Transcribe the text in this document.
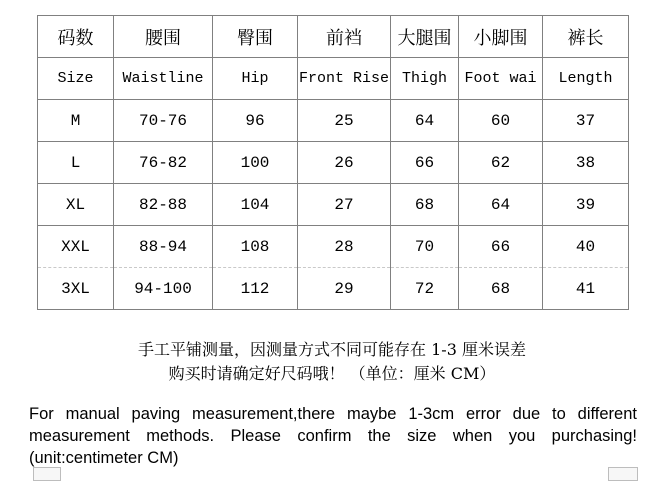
码数	腰围	臀围	前裆	大腿围	小脚围	裤长
Size	Waistline	Hip	Front Rise	Thigh	Foot wai	Length
M	70-76	96	25	64	60	37
L	76-82	100	26	66	62	38
XL	82-88	104	27	68	64	39
XXL	88-94	108	28	70	66	40
3XL	94-100	112	29	72	68	41
手工平铺测量，因测量方式不同可能存在 1-3 厘米误差
购买时请确定好尺码哦！ （单位：厘米 CM）
For manual paving measurement,there maybe 1-3cm error due to different
measurement methods. Please confirm the size when you purchasing!
(unit:centimeter CM)
